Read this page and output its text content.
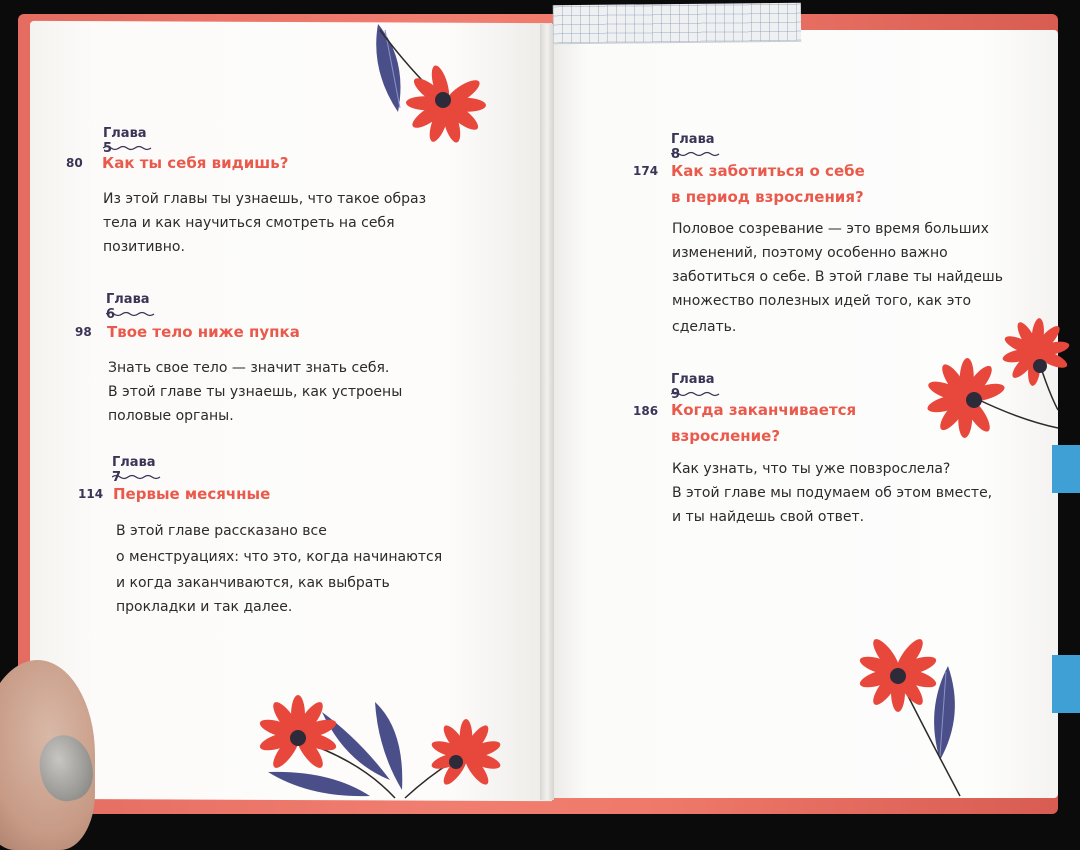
Глава 5
80 Как ты себя видишь?
Из этой главы ты узнаешь, что такое образ
тела и как научиться смотреть на себя
позитивно.
Глава 6
98 Твое тело ниже пупка
Знать свое тело — значит знать себя.
В этой главе ты узнаешь, как устроены
половые органы.
Глава 7
114 Первые месячные
В этой главе рассказано все
о менструациях: что это, когда начинаются
и когда заканчиваются, как выбрать
прокладки и так далее.
Глава 8
174 Как заботиться о себе
в период взросления?
Половое созревание — это время больших
изменений, поэтому особенно важно
заботиться о себе. В этой главе ты найдешь
множество полезных идей того, как это
сделать.
Глава 9
186 Когда заканчивается
взросление?
Как узнать, что ты уже повзрослела?
В этой главе мы подумаем об этом вместе,
и ты найдешь свой ответ.
